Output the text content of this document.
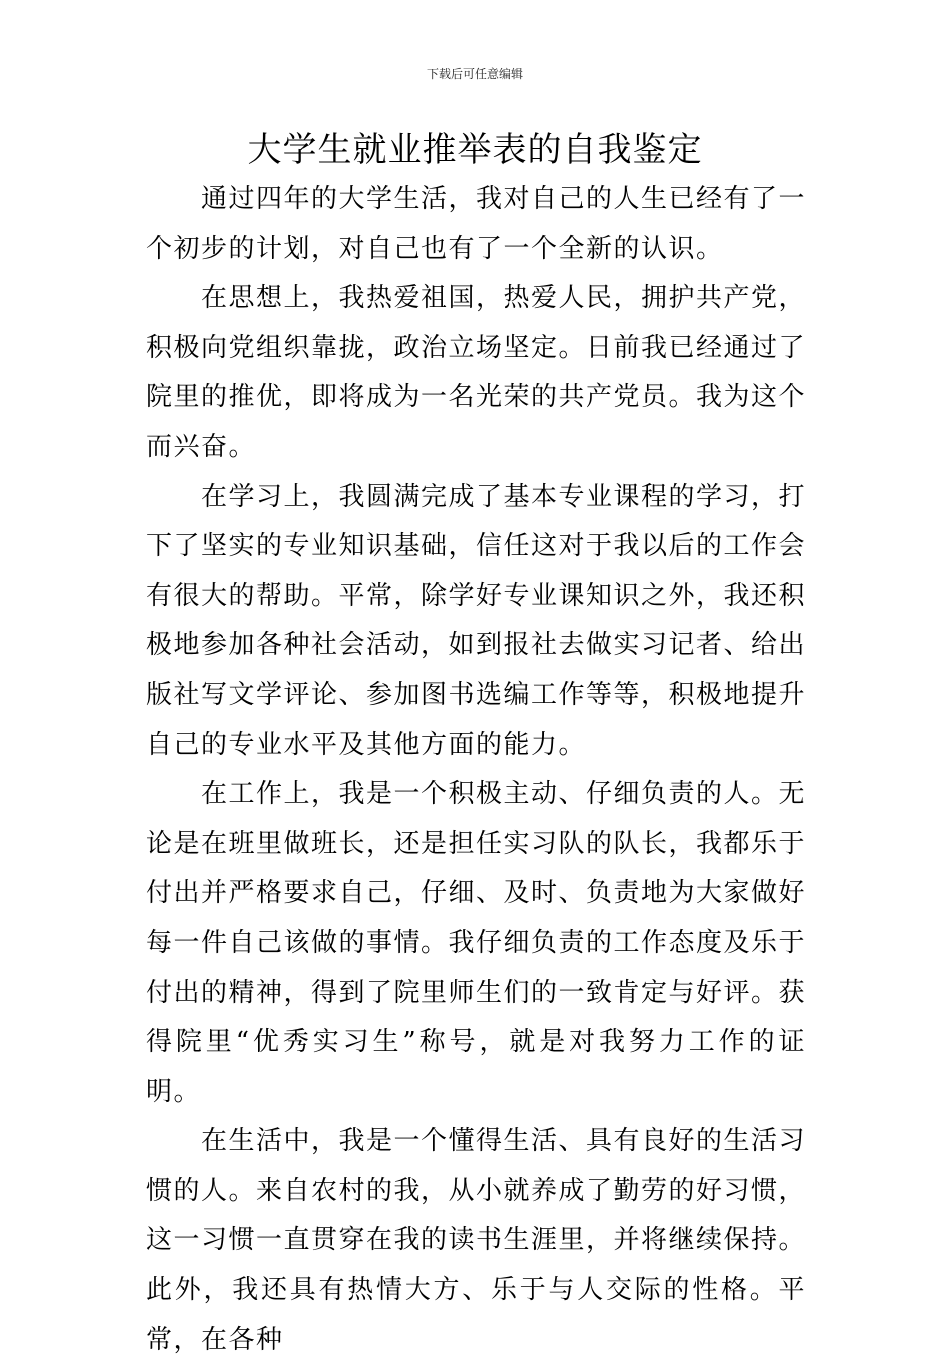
下载后可任意编辑
大学生就业推举表的自我鉴定

通过四年的大学生活，我对自己的人生已经有了一个初步的计划，对自己也有了一个全新的认识。

在思想上，我热爱祖国，热爱人民，拥护共产党，积极向党组织靠拢，政治立场坚定。日前我已经通过了院里的推优，即将成为一名光荣的共产党员。我为这个而兴奋。

在学习上，我圆满完成了基本专业课程的学习，打下了坚实的专业知识基础，信任这对于我以后的工作会有很大的帮助。平常，除学好专业课知识之外，我还积极地参加各种社会活动，如到报社去做实习记者、给出版社写文学评论、参加图书选编工作等等，积极地提升自己的专业水平及其他方面的能力。

在工作上，我是一个积极主动、仔细负责的人。无论是在班里做班长，还是担任实习队的队长，我都乐于付出并严格要求自己，仔细、及时、负责地为大家做好每一件自己该做的事情。我仔细负责的工作态度及乐于付出的精神，得到了院里师生们的一致肯定与好评。获得院里“优秀实习生”称号，就是对我努力工作的证明。

在生活中，我是一个懂得生活、具有良好的生活习惯的人。来自农村的我，从小就养成了勤劳的好习惯，这一习惯一直贯穿在我的读书生涯里，并将继续保持。此外，我还具有热情大方、乐于与人交际的性格。平常，在各种
